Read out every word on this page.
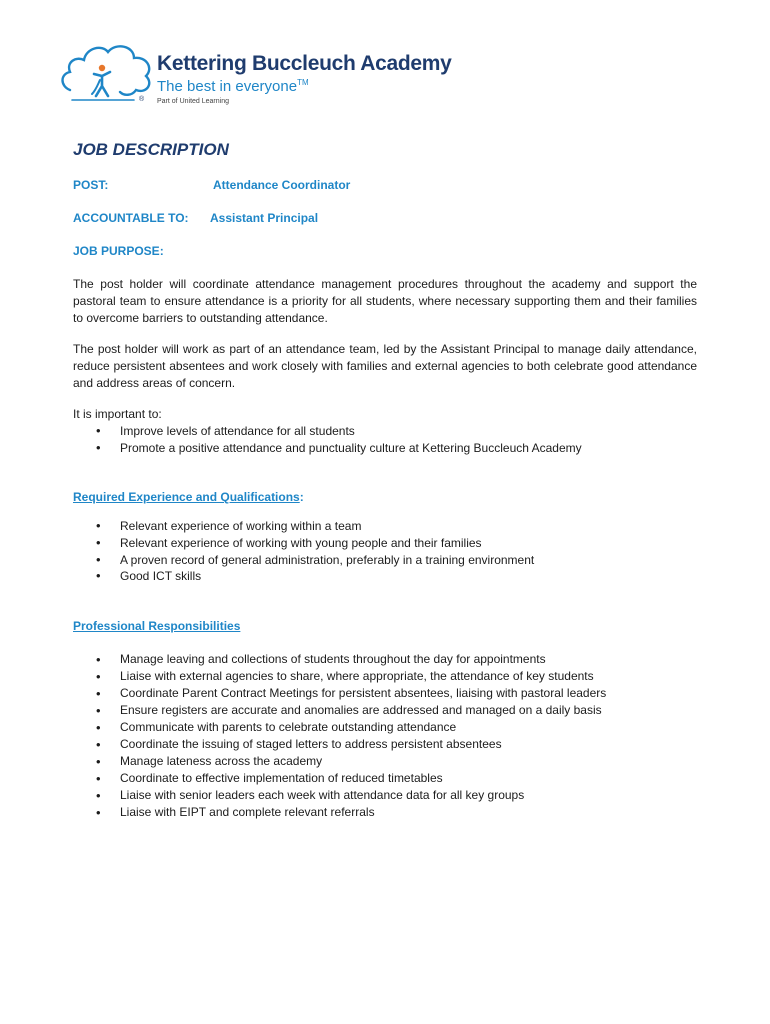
®
Kettering Buccleuch Academy
The best in everyone™
Part of United Learning
JOB DESCRIPTION
POST:	Attendance Coordinator
ACCOUNTABLE TO: Assistant Principal
JOB PURPOSE:

The post holder will coordinate attendance management procedures throughout the academy and support the pastoral team to ensure attendance is a priority for all students, where necessary supporting them and their families to overcome barriers to outstanding attendance.

The post holder will work as part of an attendance team, led by the Assistant Principal to manage daily attendance, reduce persistent absentees and work closely with families and external agencies to both celebrate good attendance and address areas of concern.

It is important to:

• Improve levels of attendance for all students
• Promote a positive attendance and punctuality culture at Kettering Buccleuch Academy

Required Experience and Qualifications:

• Relevant experience of working within a team
• Relevant experience of working with young people and their families
• A proven record of general administration, preferably in a training environment
• Good ICT skills

Professional Responsibilities

• Manage leaving and collections of students throughout the day for appointments
• Liaise with external agencies to share, where appropriate, the attendance of key students
• Coordinate Parent Contract Meetings for persistent absentees, liaising with pastoral leaders
• Ensure registers are accurate and anomalies are addressed and managed on a daily basis
• Communicate with parents to celebrate outstanding attendance
• Coordinate the issuing of staged letters to address persistent absentees
• Manage lateness across the academy
• Coordinate to effective implementation of reduced timetables
• Liaise with senior leaders each week with attendance data for all key groups
• Liaise with EIPT and complete relevant referrals
